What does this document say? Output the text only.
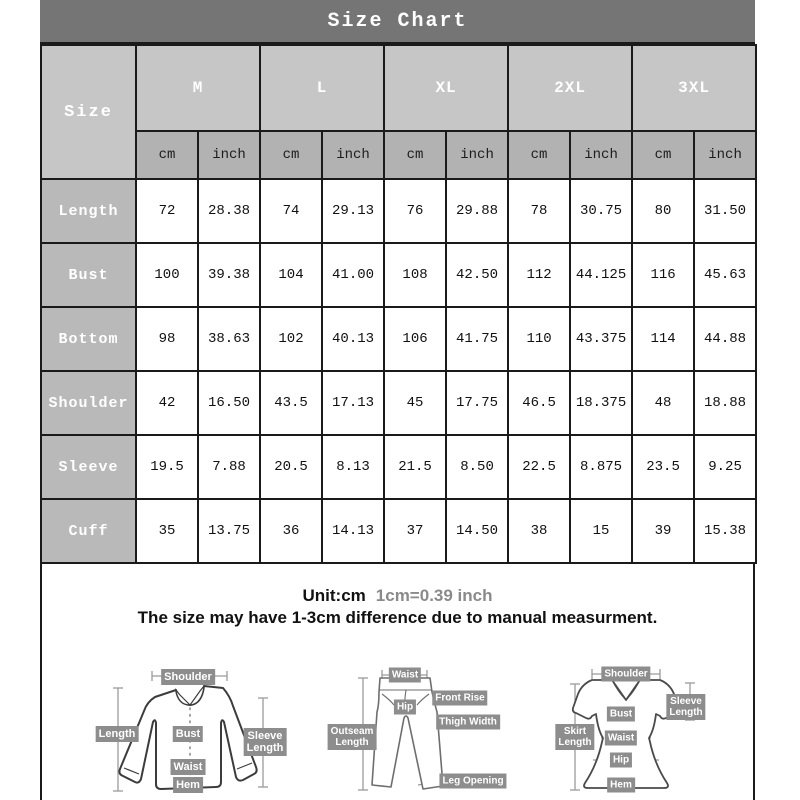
Size Chart
Size	M		L		XL		2XL		3XL	
	cm	inch	cm	inch	cm	inch	cm	inch	cm	inch
Length	72	28.38	74	29.13	76	29.88	78	30.75	80	31.50
Bust	100	39.38	104	41.00	108	42.50	112	44.125	116	45.63
Bottom	98	38.63	102	40.13	106	41.75	110	43.375	114	44.88
Shoulder	42	16.50	43.5	17.13	45	17.75	46.5	18.375	48	18.88
Sleeve	19.5	7.88	20.5	8.13	21.5	8.50	22.5	8.875	23.5	9.25
Cuff	35	13.75	36	14.13	37	14.50	38	15	39	15.38
Unit:cm 1cm=0.39 inch
The size may have 1-3cm difference due to manual measurment.
Shoulder
Length	Bust
Waist
Hem
Sleeve
Length
Waist
Front Rise
Hip
Thigh Width
Outseam
Length
Leg Opening
Shoulder
Sleeve
Length
Bust
Skirt
Length	Waist
Hip
Hem
